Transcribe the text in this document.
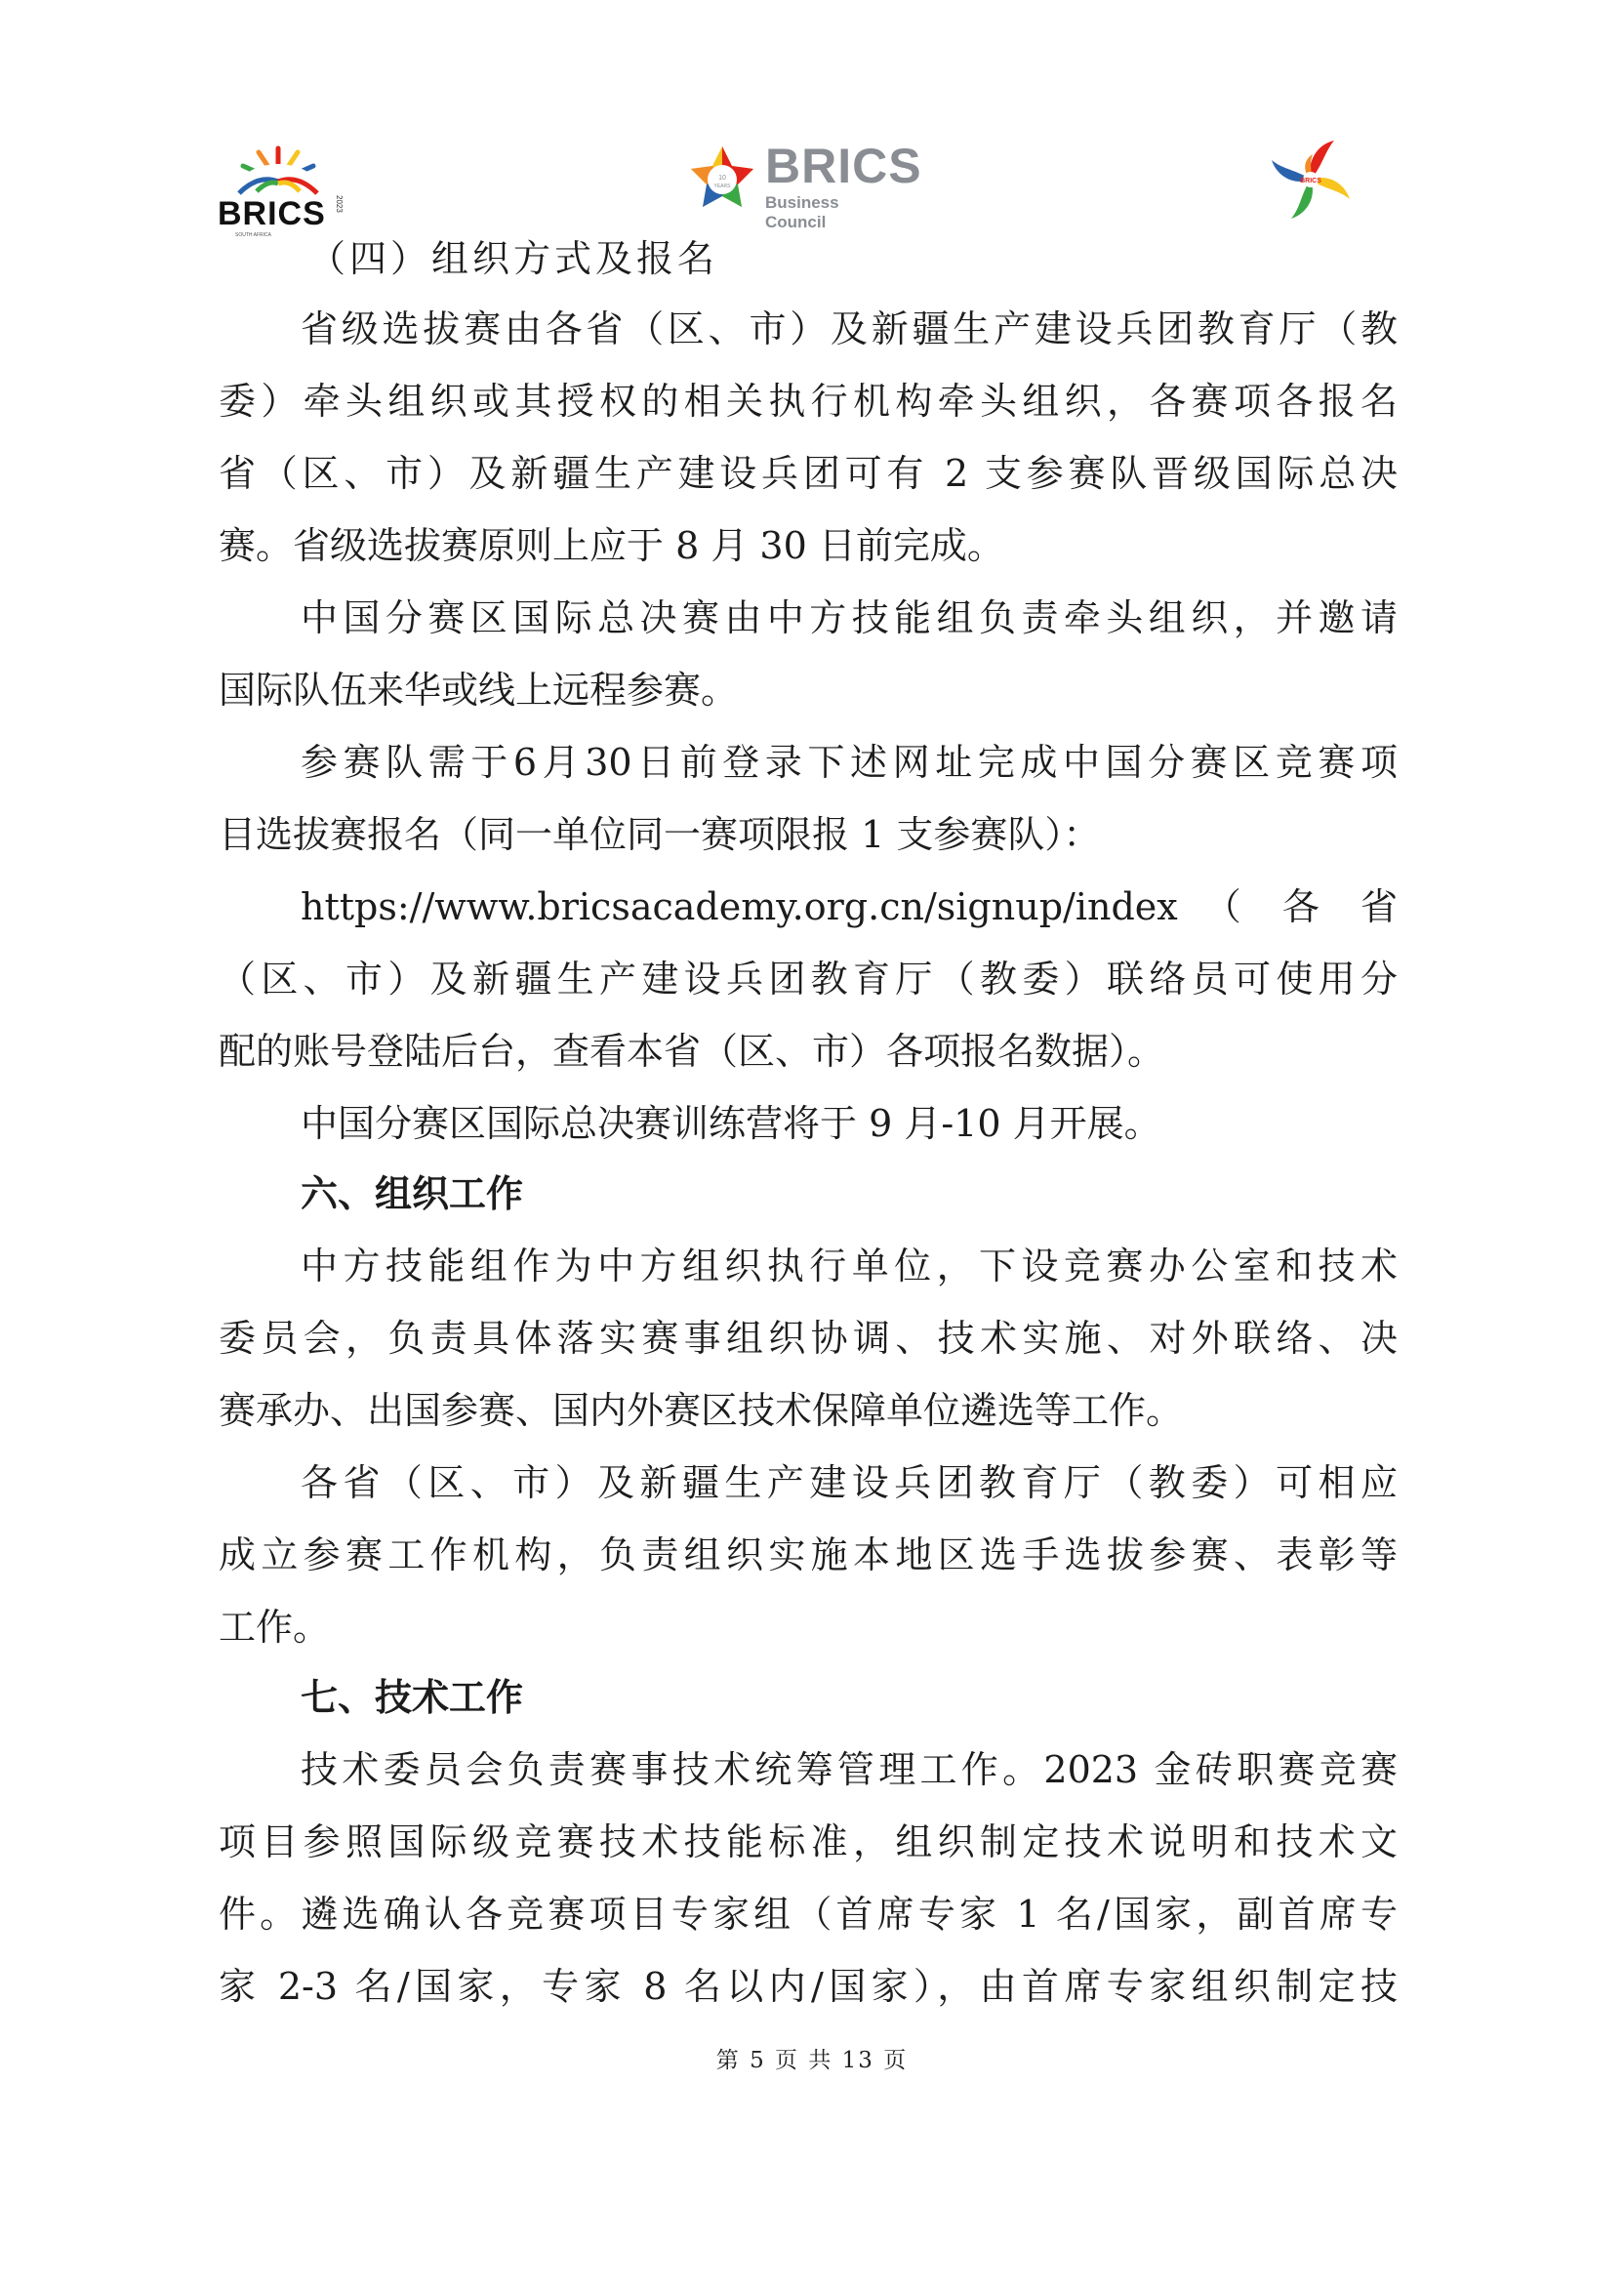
BRICS 2023
SOUTH AFRICA
10
YEARS BRICS
Business Council
BRICS
（四）组织方式及报名
省级选拔赛由各省（区、市）及新疆生产建设兵团教育厅（教
委）牵头组织或其授权的相关执行机构牵头组织，各赛项各报名
省（区、市）及新疆生产建设兵团可有 2 支参赛队晋级国际总决
赛。省级选拔赛原则上应于 8 月 30 日前完成。
中国分赛区国际总决赛由中方技能组负责牵头组织，并邀请
国际队伍来华或线上远程参赛。
参赛队需于6月30日前登录下述网址完成中国分赛区竞赛项
目选拔赛报名（同一单位同一赛项限报 1 支参赛队）：
https://www.bricsacademy.org.cn/signup/index （ 各 省
（区、市）及新疆生产建设兵团教育厅（教委）联络员可使用分
配的账号登陆后台，查看本省（区、市）各项报名数据）。
中国分赛区国际总决赛训练营将于 9 月-10 月开展。
六、组织工作
中方技能组作为中方组织执行单位，下设竞赛办公室和技术
委员会，负责具体落实赛事组织协调、技术实施、对外联络、决
赛承办、出国参赛、国内外赛区技术保障单位遴选等工作。
各省（区、市）及新疆生产建设兵团教育厅（教委）可相应
成立参赛工作机构，负责组织实施本地区选手选拔参赛、表彰等
工作。
七、技术工作
技术委员会负责赛事技术统筹管理工作。2023 金砖职赛竞赛
项目参照国际级竞赛技术技能标准，组织制定技术说明和技术文
件。遴选确认各竞赛项目专家组（首席专家 1 名/国家，副首席专
家 2-3 名/国家，专家 8 名以内/国家），由首席专家组织制定技
第 5 页 共 13 页
